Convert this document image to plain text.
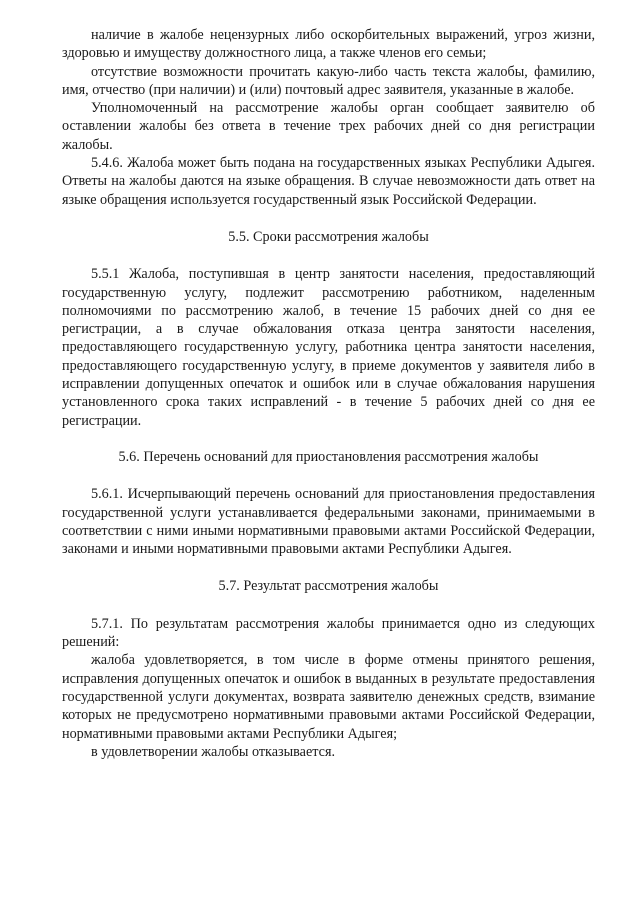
наличие в жалобе нецензурных либо оскорбительных выражений, угроз жизни, здоровью и имуществу должностного лица, а также членов его семьи;

отсутствие возможности прочитать какую-либо часть текста жалобы, фамилию, имя, отчество (при наличии) и (или) почтовый адрес заявителя, указанные в жалобе.

Уполномоченный на рассмотрение жалобы орган сообщает заявителю об оставлении жалобы без ответа в течение трех рабочих дней со дня регистрации жалобы.

5.4.6. Жалоба может быть подана на государственных языках Республики Адыгея. Ответы на жалобы даются на языке обращения. В случае невозможности дать ответ на языке обращения используется государственный язык Российской Федерации.

5.5. Сроки рассмотрения жалобы

5.5.1 Жалоба, поступившая в центр занятости населения, предоставляющий государственную услугу, подлежит рассмотрению работником, наделенным полномочиями по рассмотрению жалоб, в течение 15 рабочих дней со дня ее регистрации, а в случае обжалования отказа центра занятости населения, предоставляющего государственную услугу, работника центра занятости населения, предоставляющего государственную услугу, в приеме документов у заявителя либо в исправлении допущенных опечаток и ошибок или в случае обжалования нарушения установленного срока таких исправлений - в течение 5 рабочих дней со дня ее регистрации.

5.6. Перечень оснований для приостановления рассмотрения жалобы

5.6.1. Исчерпывающий перечень оснований для приостановления предоставления государственной услуги устанавливается федеральными законами, принимаемыми в соответствии с ними иными нормативными правовыми актами Российской Федерации, законами и иными нормативными правовыми актами Республики Адыгея.

5.7. Результат рассмотрения жалобы

5.7.1. По результатам рассмотрения жалобы принимается одно из следующих решений:

жалоба удовлетворяется, в том числе в форме отмены принятого решения, исправления допущенных опечаток и ошибок в выданных в результате предоставления государственной услуги документах, возврата заявителю денежных средств, взимание которых не предусмотрено нормативными правовыми актами Российской Федерации, нормативными правовыми актами Республики Адыгея;

в удовлетворении жалобы отказывается.
